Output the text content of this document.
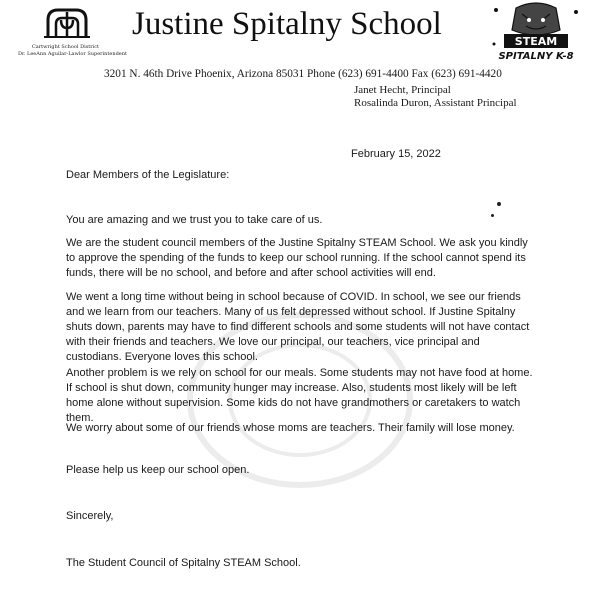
Cartwright School District
Dr. LeeAnn Aguilar-Lawlor Superintendent
Justine Spitalny School	STEAM
SPITALNY K-8
3201 N. 46th Drive Phoenix, Arizona 85031 Phone (623) 691-4400 Fax (623) 691-4420
Janet Hecht, Principal
Rosalinda Duron, Assistant Principal
February 15, 2022
Dear Members of the Legislature:
You are amazing and we trust you to take care of us.
We are the student council members of the Justine Spitalny STEAM School. We ask you kindly to approve the spending of the funds to keep our school running. If the school cannot spend its funds, there will be no school, and before and after school activities will end.
We went a long time without being in school because of COVID. In school, we see our friends and we learn from our teachers. Many of us felt depressed without school. If Justine Spitalny shuts down, parents may have to find different schools and some students will not have contact with their friends and teachers. We love our principal, our teachers, vice principal and custodians. Everyone loves this school.
Another problem is we rely on school for our meals. Some students may not have food at home. If school is shut down, community hunger may increase. Also, students most likely will be left home alone without supervision. Some kids do not have grandmothers or caretakers to watch them.
We worry about some of our friends whose moms are teachers. Their family will lose money.
Please help us keep our school open.
Sincerely,
The Student Council of Spitalny STEAM School.
